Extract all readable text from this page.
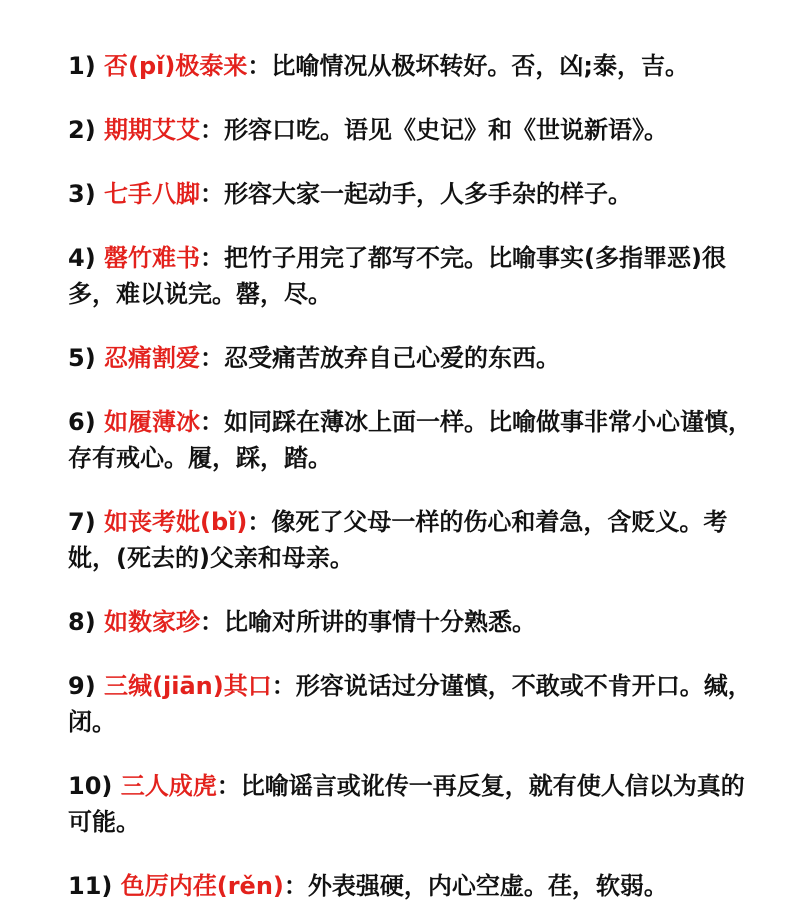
1) 否(pǐ)极泰来：比喻情况从极坏转好。否，凶;泰，吉。
2) 期期艾艾：形容口吃。语见《史记》和《世说新语》。
3) 七手八脚：形容大家一起动手，人多手杂的样子。
4) 罄竹难书：把竹子用完了都写不完。比喻事实(多指罪恶)很多，难以说完。罄，尽。
5) 忍痛割爱：忍受痛苦放弃自己心爱的东西。
6) 如履薄冰：如同踩在薄冰上面一样。比喻做事非常小心谨慎，存有戒心。履，踩，踏。
7) 如丧考妣(bǐ)：像死了父母一样的伤心和着急，含贬义。考妣，(死去的)父亲和母亲。
8) 如数家珍：比喻对所讲的事情十分熟悉。
9) 三缄(jiān)其口：形容说话过分谨慎，不敢或不肯开口。缄，闭。
10) 三人成虎：比喻谣言或讹传一再反复，就有使人信以为真的可能。
11) 色厉内荏(rěn)：外表强硬，内心空虚。荏，软弱。
